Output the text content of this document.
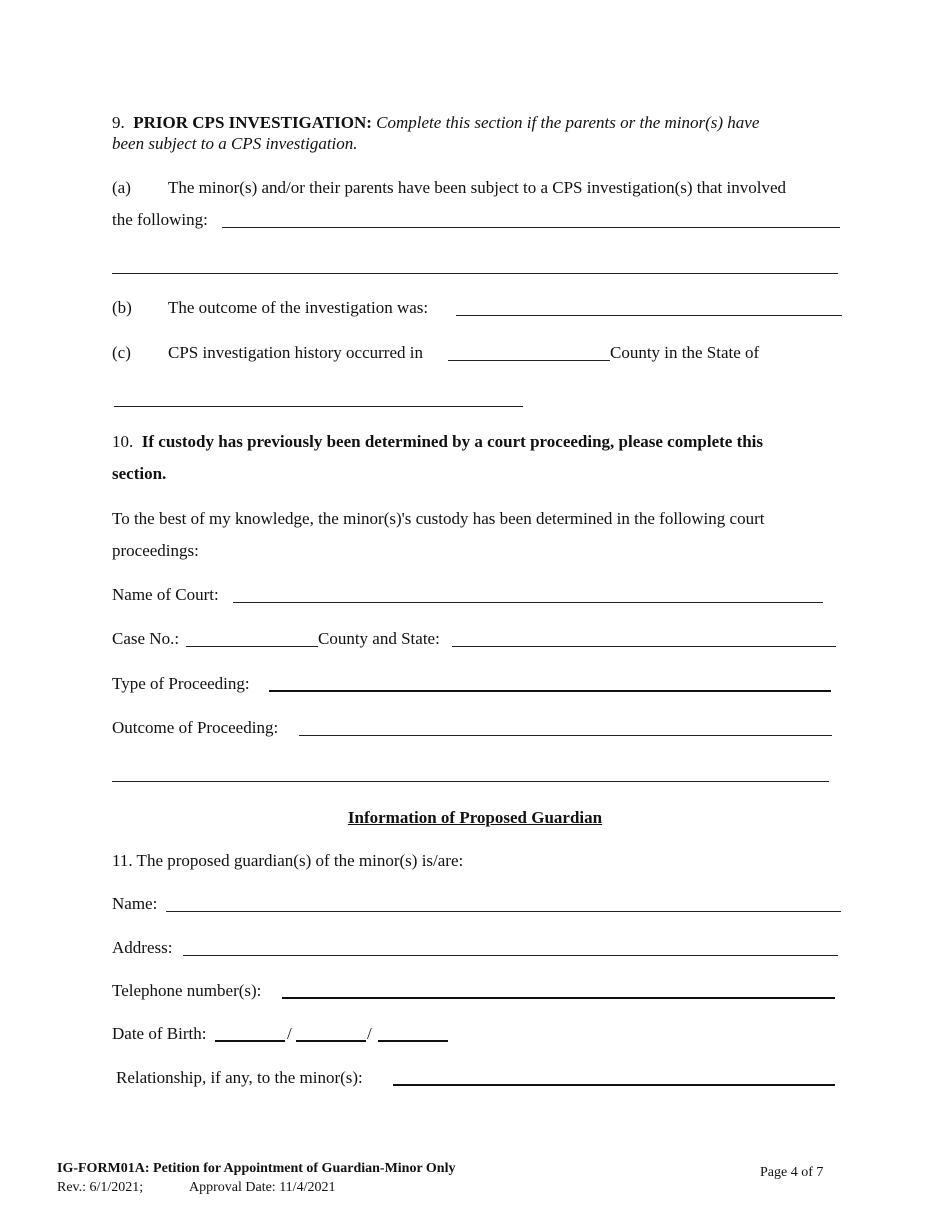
9. PRIOR CPS INVESTIGATION: Complete this section if the parents or the minor(s) have
been subject to a CPS investigation.
(a) The minor(s) and/or their parents have been subject to a CPS investigation(s) that involved
the following:
(b) The outcome of the investigation was:
(c) CPS investigation history occurred in	County in the State of
10. If custody has previously been determined by a court proceeding, please complete this
section.
To the best of my knowledge, the minor(s)'s custody has been determined in the following court
proceedings:
Name of Court:
Case No.:	County and State:
Type of Proceeding:
Outcome of Proceeding:
Information of Proposed Guardian
11. The proposed guardian(s) of the minor(s) is/are:
Name:
Address:
Telephone number(s):
Date of Birth:	/	/
Relationship, if any, to the minor(s):
IG-FORM01A: Petition for Appointment of Guardian-Minor Only
Rev.: 6/1/2021;	Approval Date: 11/4/2021
Page 4 of 7
